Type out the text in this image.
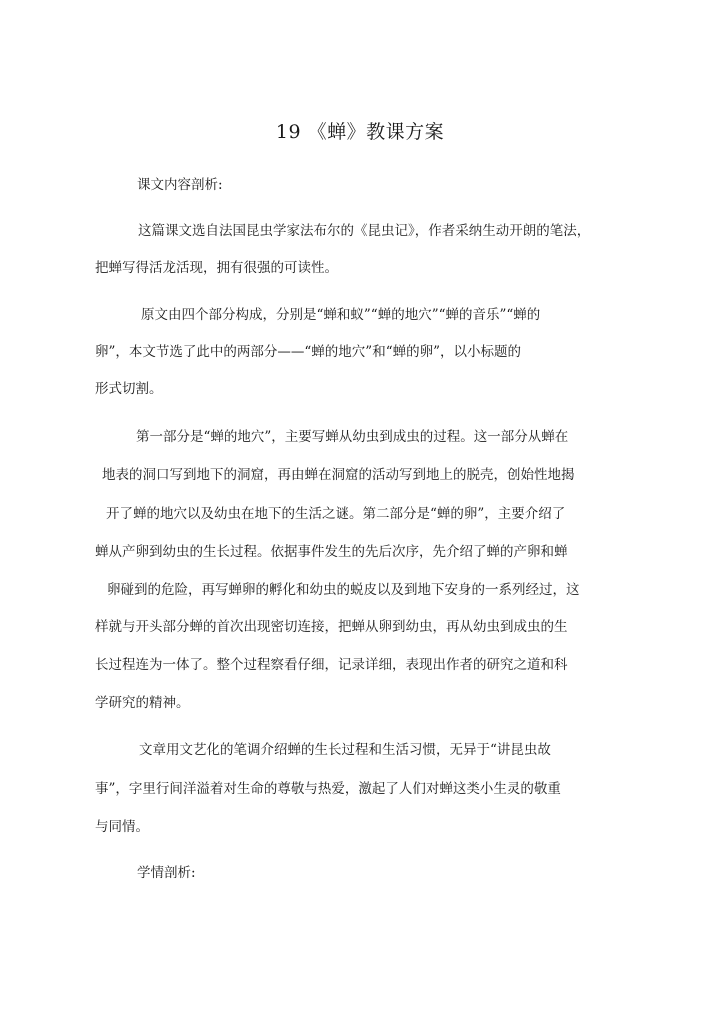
19 《蝉》教课方案
课文内容剖析:
这篇课文选自法国昆虫学家法布尔的《昆虫记》，作者采纳生动开朗的笔法，
把蝉写得活龙活现，拥有很强的可读性。
原文由四个部分构成，分别是“蝉和蚁”“蝉的地穴”“蝉的音乐”“蝉的
卵”，本文节选了此中的两部分——“蝉的地穴”和“蝉的卵”，以小标题的
形式切割。
第一部分是“蝉的地穴”，主要写蝉从幼虫到成虫的过程。这一部分从蝉在
地表的洞口写到地下的洞窟，再由蝉在洞窟的活动写到地上的脱壳，创始性地揭
开了蝉的地穴以及幼虫在地下的生活之谜。第二部分是“蝉的卵”，主要介绍了
蝉从产卵到幼虫的生长过程。依据事件发生的先后次序，先介绍了蝉的产卵和蝉
卵碰到的危险，再写蝉卵的孵化和幼虫的蜕皮以及到地下安身的一系列经过，这
样就与开头部分蝉的首次出现密切连接，把蝉从卵到幼虫，再从幼虫到成虫的生
长过程连为一体了。整个过程察看仔细，记录详细，表现出作者的研究之道和科
学研究的精神。
文章用文艺化的笔调介绍蝉的生长过程和生活习惯，无异于“讲昆虫故
事”，字里行间洋溢着对生命的尊敬与热爱，激起了人们对蝉这类小生灵的敬重
与同情。
学情剖析:
